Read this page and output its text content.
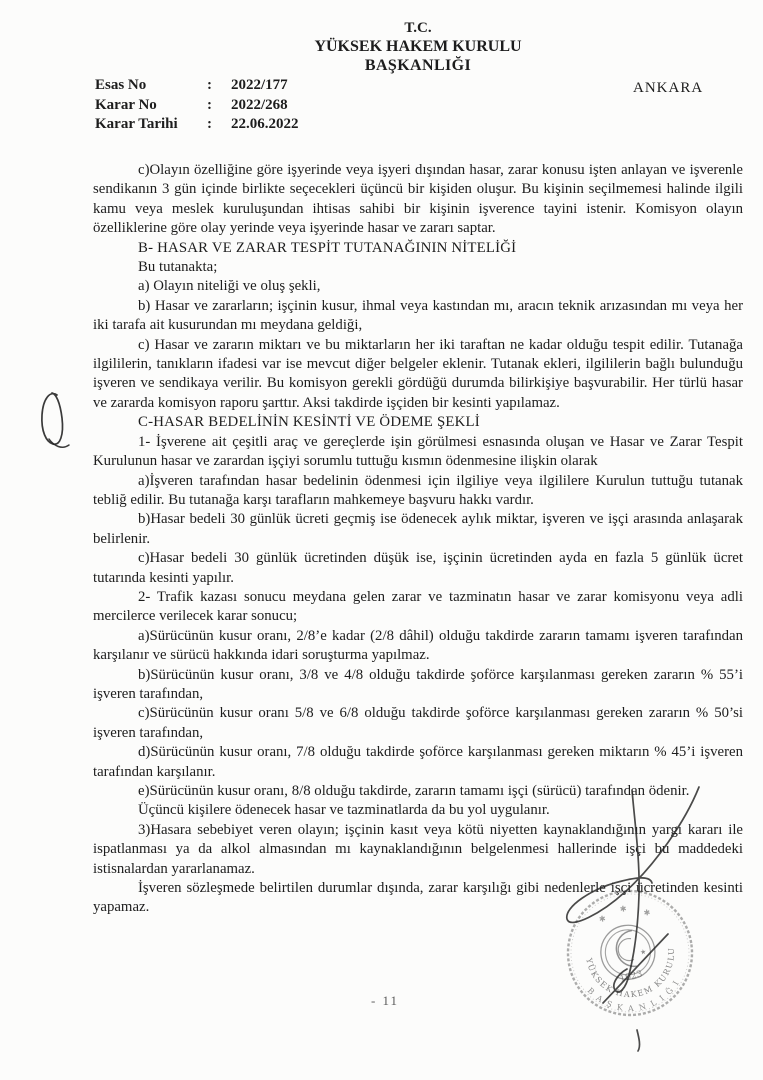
T.C.
YÜKSEK HAKEM KURULU
BAŞKANLIĞI
Esas No	:	2022/177
Karar No	:	2022/268
Karar Tarihi	:	22.06.2022
ANKARA

c)Olayın özelliğine göre işyerinde veya işyeri dışından hasar, zarar konusu işten anlayan ve işverenle sendikanın 3 gün içinde birlikte seçecekleri üçüncü bir kişiden oluşur. Bu kişinin seçilmemesi halinde ilgili kamu veya meslek kuruluşundan ihtisas sahibi bir kişinin işverence tayini istenir. Komisyon olayın özelliklerine göre olay yerinde veya işyerinde hasar ve zararı saptar.

B- HASAR VE ZARAR TESPİT TUTANAĞININ NİTELİĞİ

Bu tutanakta;

a) Olayın niteliği ve oluş şekli,

b) Hasar ve zararların; işçinin kusur, ihmal veya kastından mı, aracın teknik arızasından mı veya her iki tarafa ait kusurundan mı meydana geldiği,

c) Hasar ve zararın miktarı ve bu miktarların her iki taraftan ne kadar olduğu tespit edilir. Tutanağa ilgililerin, tanıkların ifadesi var ise mevcut diğer belgeler eklenir. Tutanak ekleri, ilgililerin bağlı bulunduğu işveren ve sendikaya verilir. Bu komisyon gerekli gördüğü durumda bilirkişiye başvurabilir. Her türlü hasar ve zararda komisyon raporu şarttır. Aksi takdirde işçiden bir kesinti yapılamaz.

C-HASAR BEDELİNİN KESİNTİ VE ÖDEME ŞEKLİ

1- İşverene ait çeşitli araç ve gereçlerde işin görülmesi esnasında oluşan ve Hasar ve Zarar Tespit Kurulunun hasar ve zarardan işçiyi sorumlu tuttuğu kısmın ödenmesine ilişkin olarak

a)İşveren tarafından hasar bedelinin ödenmesi için ilgiliye veya ilgililere Kurulun tuttuğu tutanak tebliğ edilir. Bu tutanağa karşı tarafların mahkemeye başvuru hakkı vardır.

b)Hasar bedeli 30 günlük ücreti geçmiş ise ödenecek aylık miktar, işveren ve işçi arasında anlaşarak belirlenir.

c)Hasar bedeli 30 günlük ücretinden düşük ise, işçinin ücretinden ayda en fazla 5 günlük ücret tutarında kesinti yapılır.

2- Trafik kazası sonucu meydana gelen zarar ve tazminatın hasar ve zarar komisyonu veya adli mercilerce verilecek karar sonucu;

a)Sürücünün kusur oranı, 2/8’e kadar (2/8 dâhil) olduğu takdirde zararın tamamı işveren tarafından karşılanır ve sürücü hakkında idari soruşturma yapılmaz.

b)Sürücünün kusur oranı, 3/8 ve 4/8 olduğu takdirde şoförce karşılanması gereken zararın % 55’i işveren tarafından,

c)Sürücünün kusur oranı 5/8 ve 6/8 olduğu takdirde şoförce karşılanması gereken zararın % 50’si işveren tarafından,

d)Sürücünün kusur oranı, 7/8 olduğu takdirde şoförce karşılanması gereken miktarın % 45’i işveren tarafından karşılanır.

e)Sürücünün kusur oranı, 8/8 olduğu takdirde, zararın tamamı işçi (sürücü) tarafından ödenir.

Üçüncü kişilere ödenecek hasar ve tazminatlarda da bu yol uygulanır.

3)Hasara sebebiyet veren olayın; işçinin kasıt veya kötü niyetten kaynaklandığının yargı kararı ile ispatlanması ya da alkol almasından mı kaynaklandığının belgelenmesi hallerinde işçi bu maddedeki istisnalardan yararlanamaz.

İşveren sözleşmede belirtilen durumlar dışında, zarar karşılığı gibi nedenlerle işçi ücretinden kesinti yapamaz.

★
1923
✱
✱ ✱
YÜKSEK HAKEM KURULU
BAŞKANLIĞI
- 11
